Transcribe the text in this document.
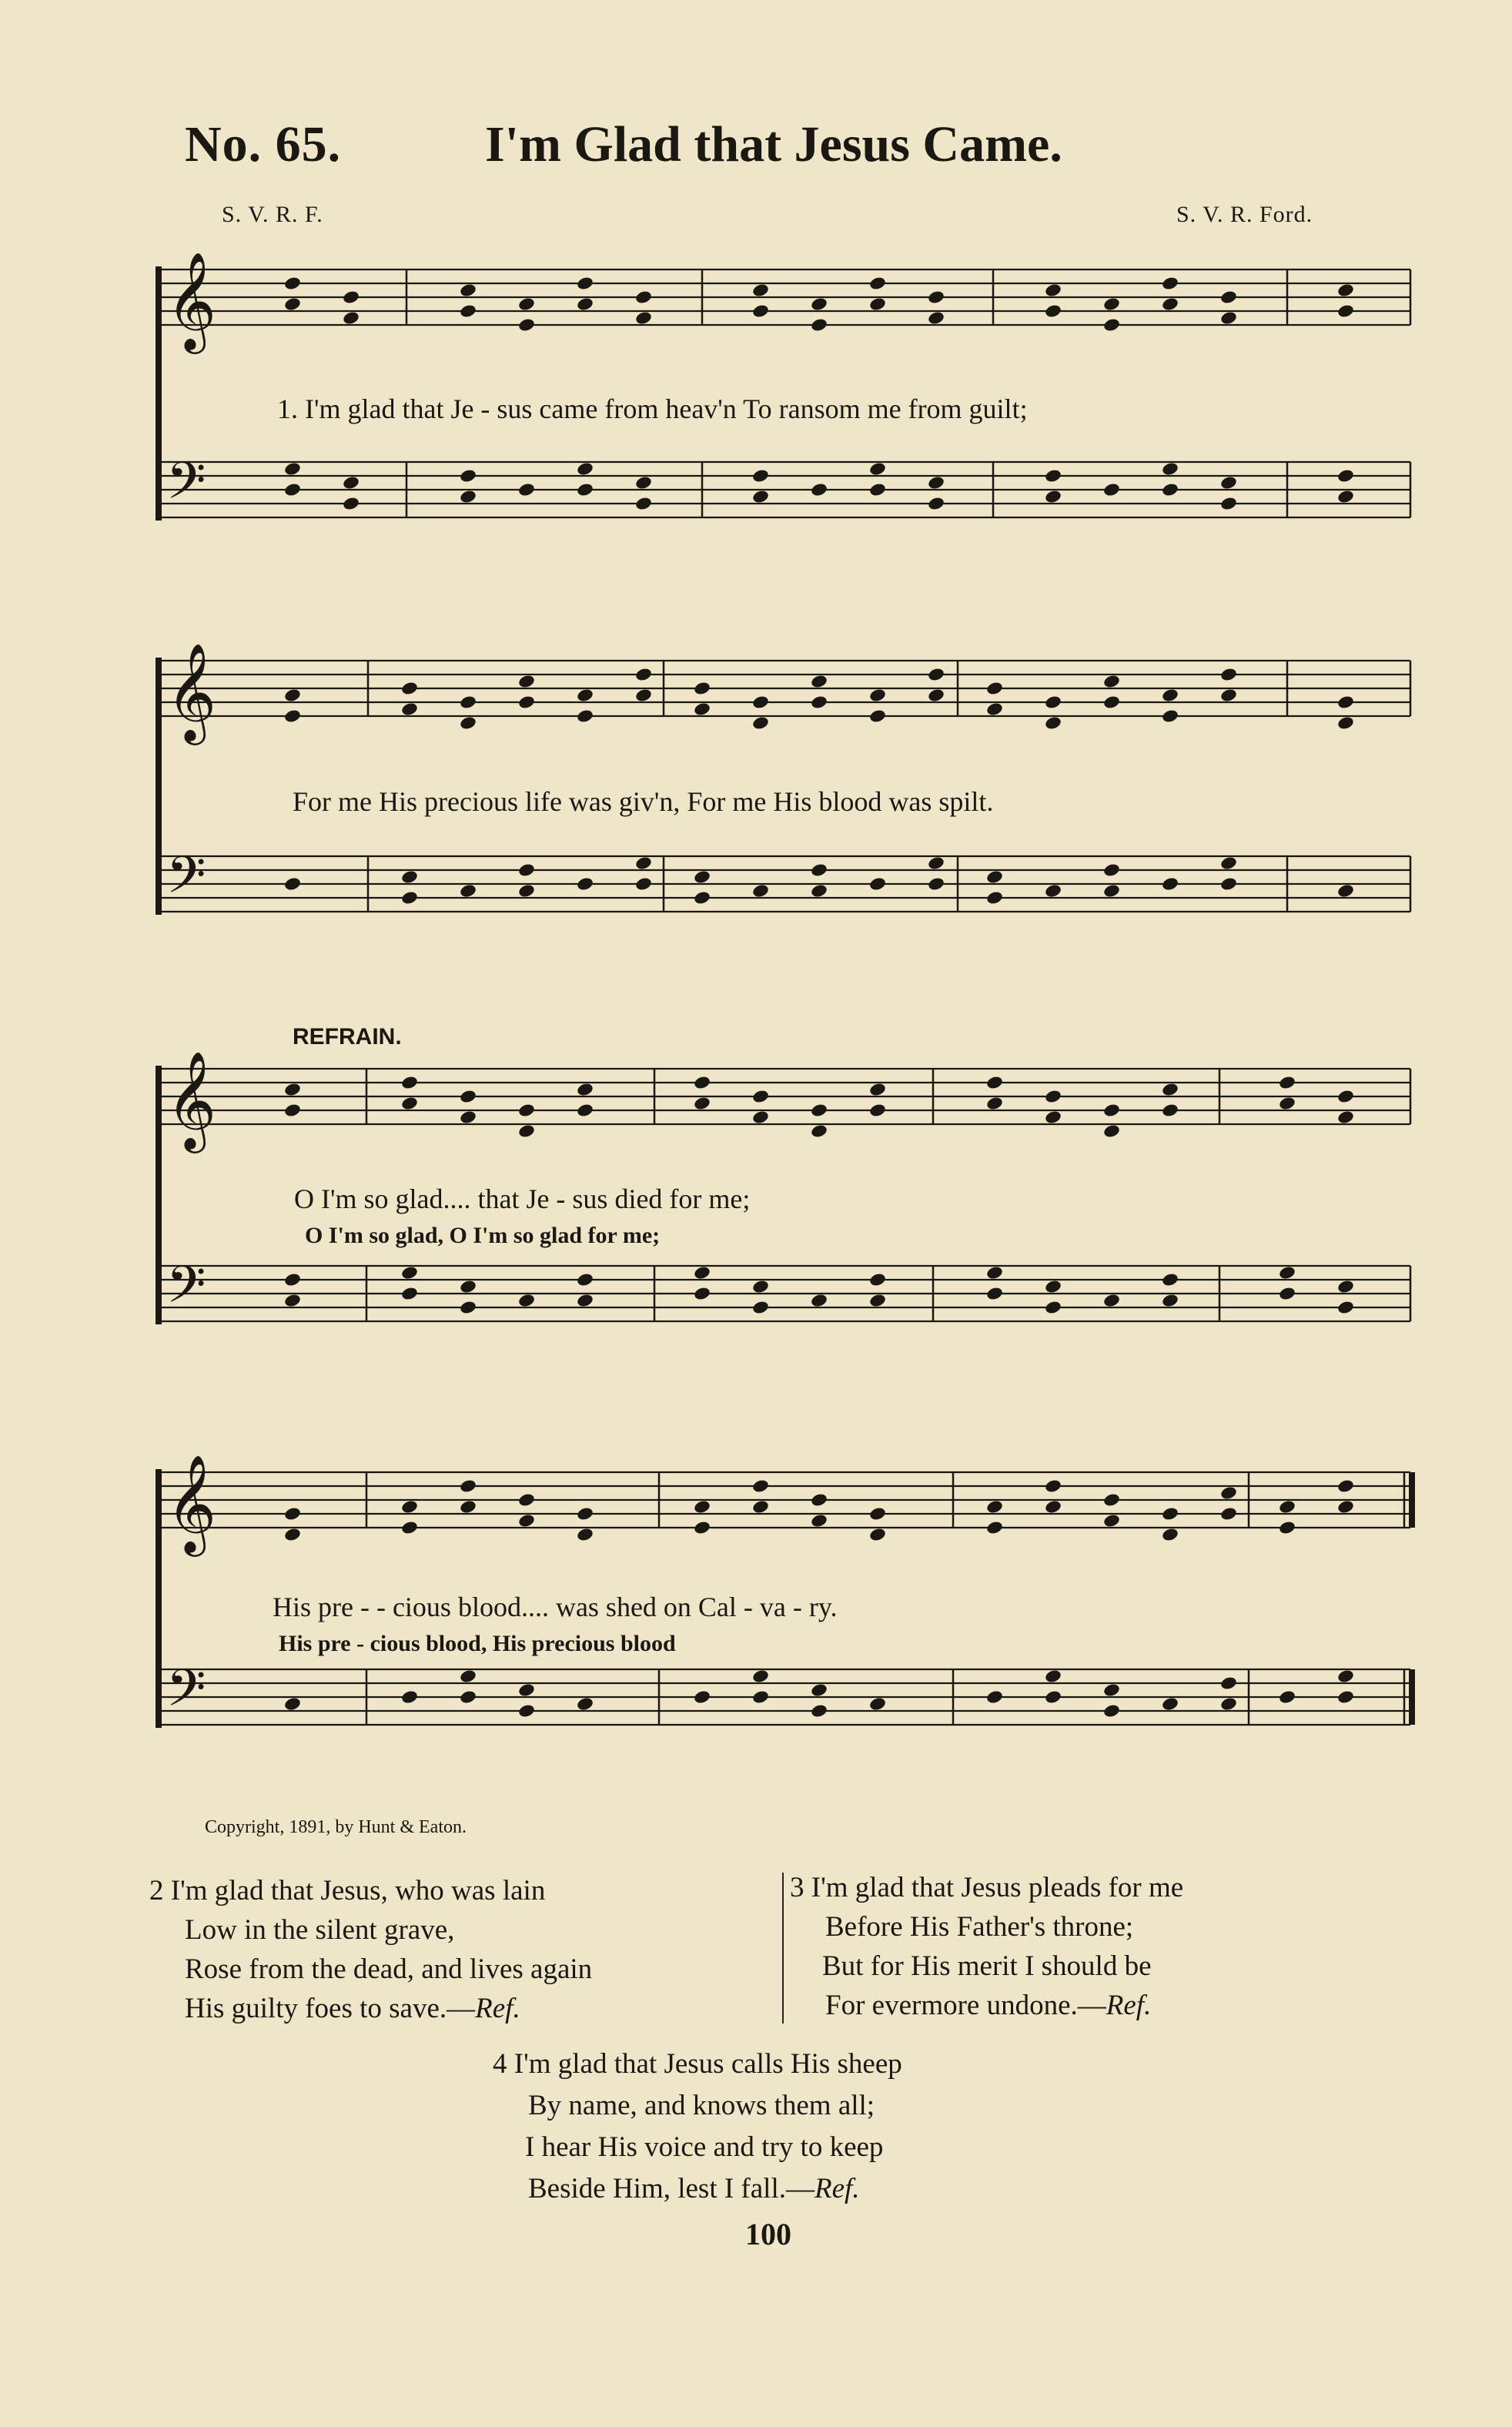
No. 65.	I'm Glad that Jesus Came.
S. V. R. F.	S. V. R. Ford.
𝄞
𝄢
𝄞
𝄢
𝄞
𝄢
𝄞
𝄢
1. I'm glad that Je - sus came from heav'n To ransom me from guilt;
For me His precious life was giv'n, For me His blood was spilt.
REFRAIN.
O I'm so glad.... that Je - sus died for me;
O I'm so glad, O I'm so glad for me;
His pre - - cious blood.... was shed on Cal - va - ry.
His pre - cious blood, His precious blood
Copyright, 1891, by Hunt & Eaton.
2 I'm glad that Jesus, who was lain
Low in the silent grave,
Rose from the dead, and lives again
His guilty foes to save.—Ref.
3 I'm glad that Jesus pleads for me
Before His Father's throne;
But for His merit I should be
For evermore undone.—Ref.
4 I'm glad that Jesus calls His sheep
By name, and knows them all;
I hear His voice and try to keep
Beside Him, lest I fall.—Ref.
100
